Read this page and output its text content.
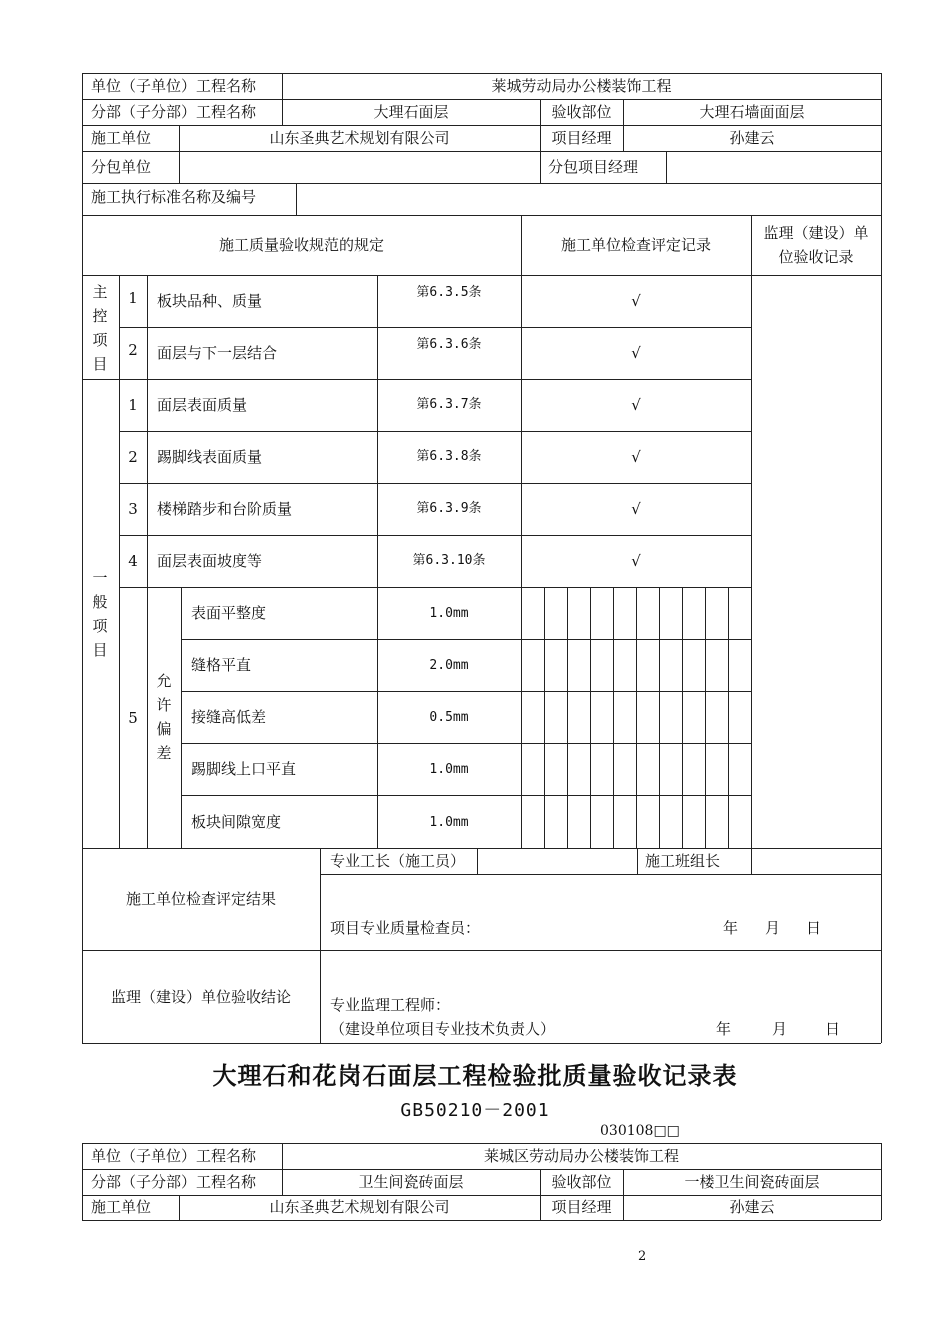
单位（子单位）工程名称	莱城劳动局办公楼装饰工程
分部（子分部）工程名称	大理石面层	验收部位	大理石墙面面层
施工单位	山东圣典艺术规划有限公司	项目经理	孙建云
分包单位	分包项目经理
施工执行标准名称及编号
施工质量验收规范的规定	施工单位检查评定记录
监理（建设）单
位验收记录
主
控
项
目
1	板块品种、质量	第6.3.5条	√
2	面层与下一层结合	第6.3.6条	√
一
般
项
目
1	面层表面质量	第6.3.7条	√
2	踢脚线表面质量	第6.3.8条	√
3	楼梯踏步和台阶质量	第6.3.9条	√
4	面层表面坡度等	第6.3.10条	√
5
允
许
偏
差
表面平整度	1.0mm
缝格平直	2.0mm
接缝高低差	0.5mm
踢脚线上口平直	1.0mm
板块间隙宽度	1.0mm
施工单位检查评定结果
专业工长（施工员）	施工班组长
项目专业质量检查员：	年 月 日
监理（建设）单位验收结论	专业监理工程师：
（建设单位项目专业技术负责人）	年	月	日
大理石和花岗石面层工程检验批质量验收记录表
GB50210－2001
030108□□
单位（子单位）工程名称	莱城区劳动局办公楼装饰工程
分部（子分部）工程名称	卫生间瓷砖面层	验收部位	一楼卫生间瓷砖面层
施工单位	山东圣典艺术规划有限公司	项目经理	孙建云
2
